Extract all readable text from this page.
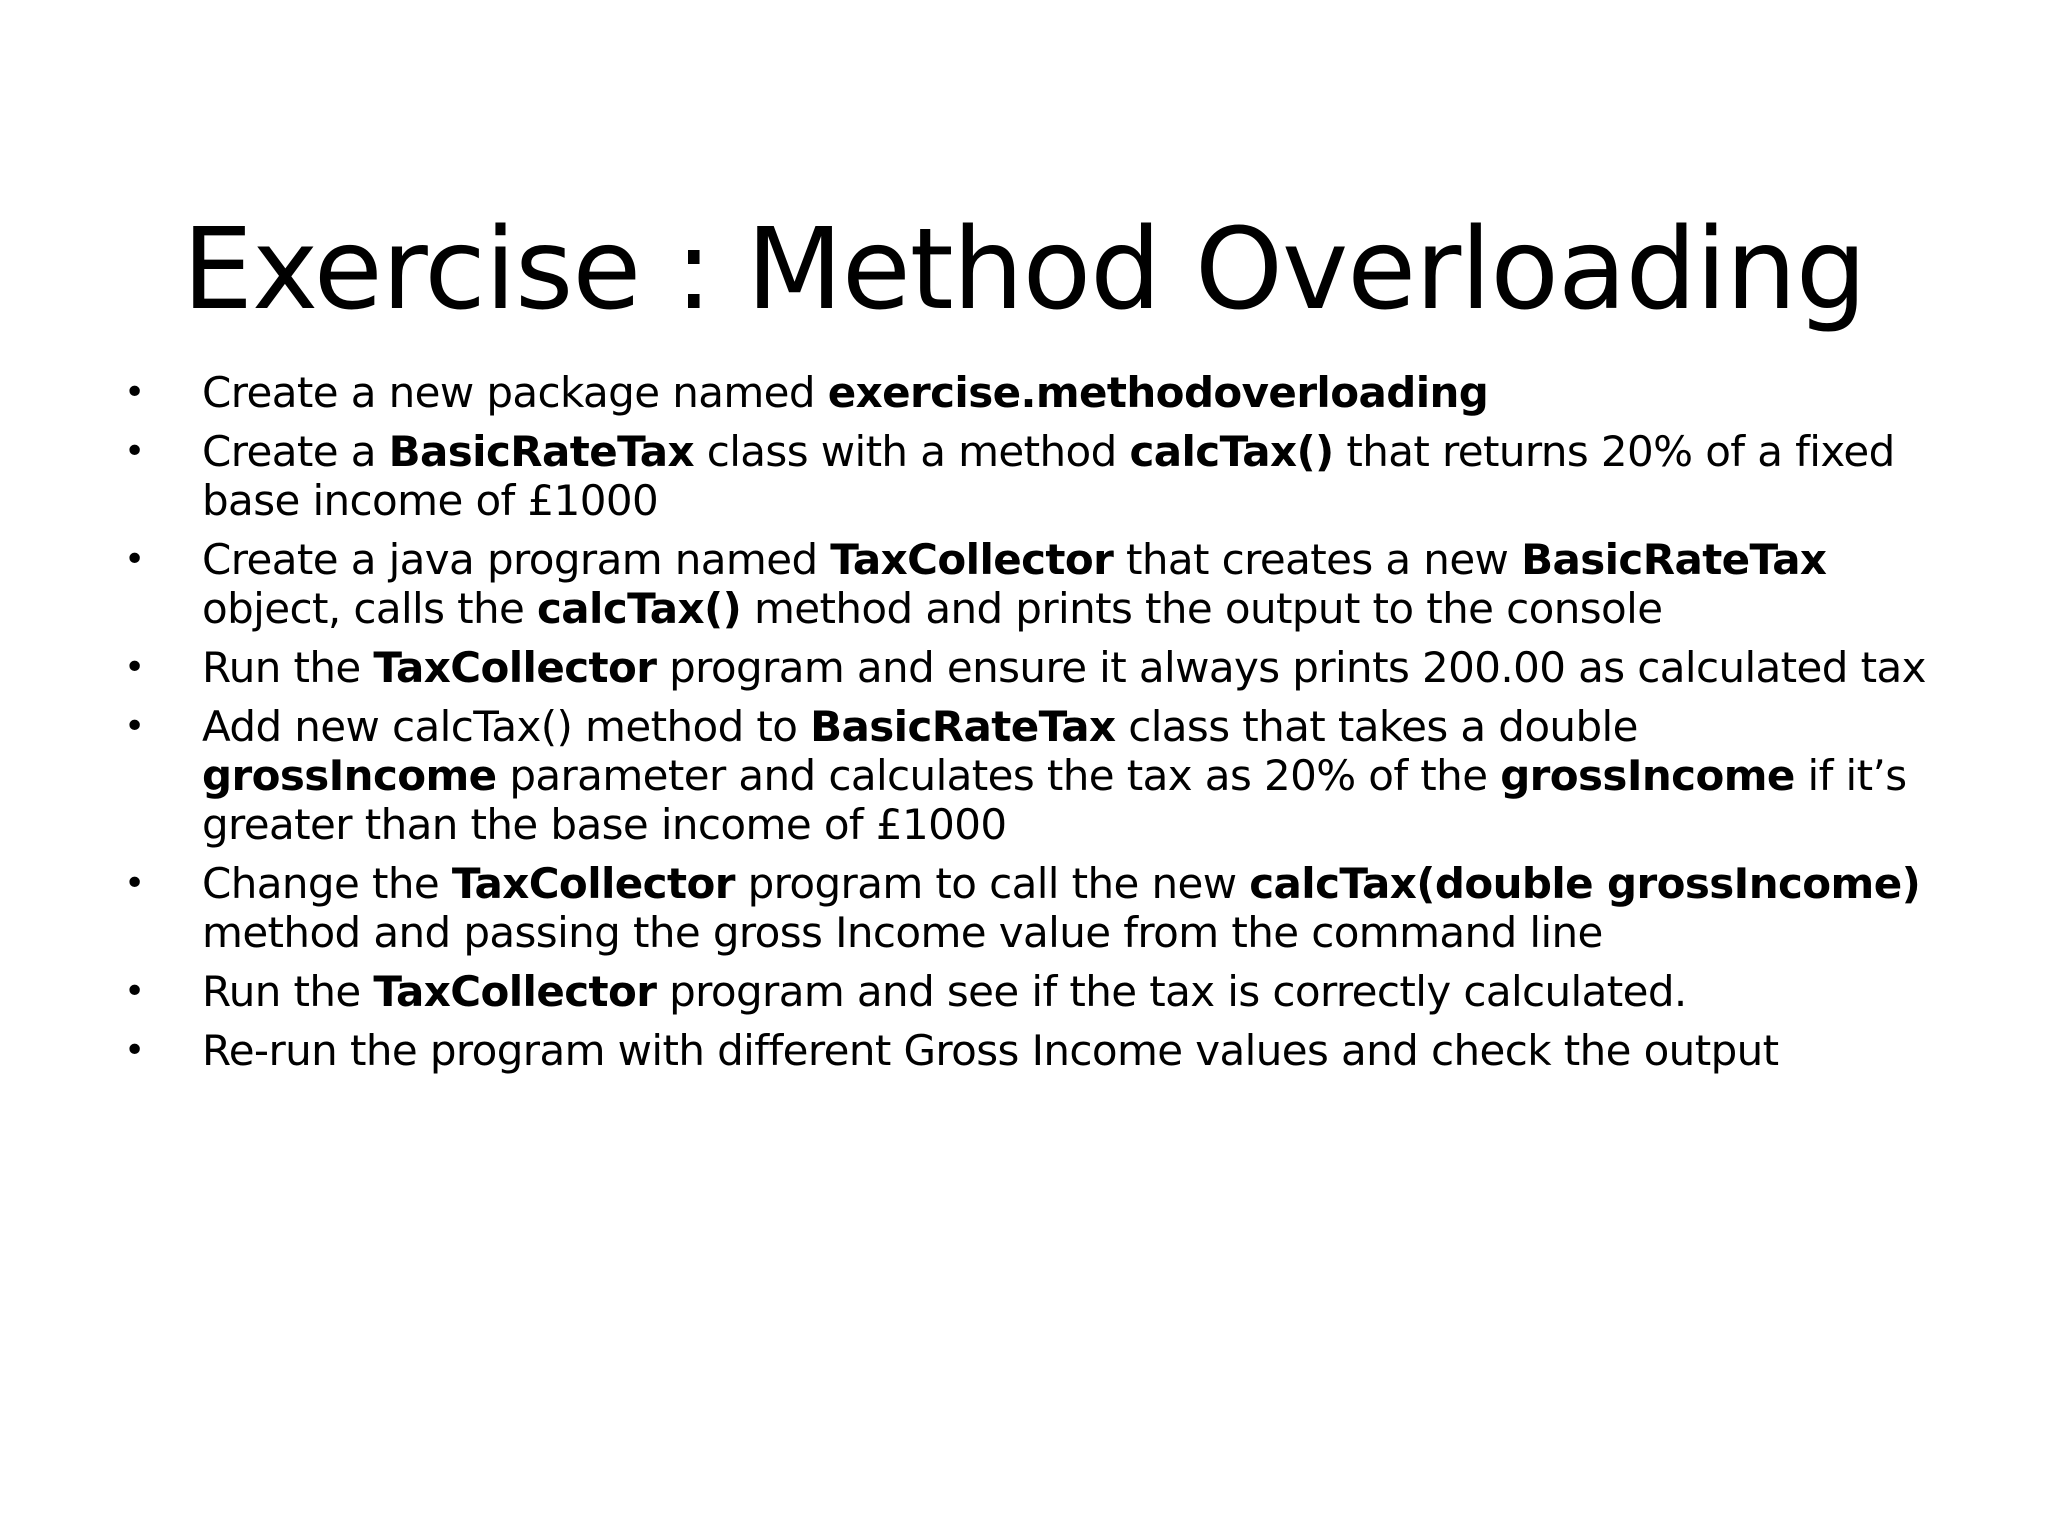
Exercise : Method Overloading
• Create a new package named exercise.methodoverloading
• Create a BasicRateTax class with a method calcTax() that returns 20% of a fixed base income of £1000
• Create a java program named TaxCollector that creates a new BasicRateTax object, calls the calcTax() method and prints the output to the console
• Run the TaxCollector program and ensure it always prints 200.00 as calculated tax
• Add new calcTax() method to BasicRateTax class that takes a double grossIncome parameter and calculates the tax as 20% of the grossIncome if it’s greater than the base income of £1000
• Change the TaxCollector program to call the new calcTax(double grossIncome) method and passing the gross Income value from the command line
• Run the TaxCollector program and see if the tax is correctly calculated.
• Re-run the program with different Gross Income values and check the output
